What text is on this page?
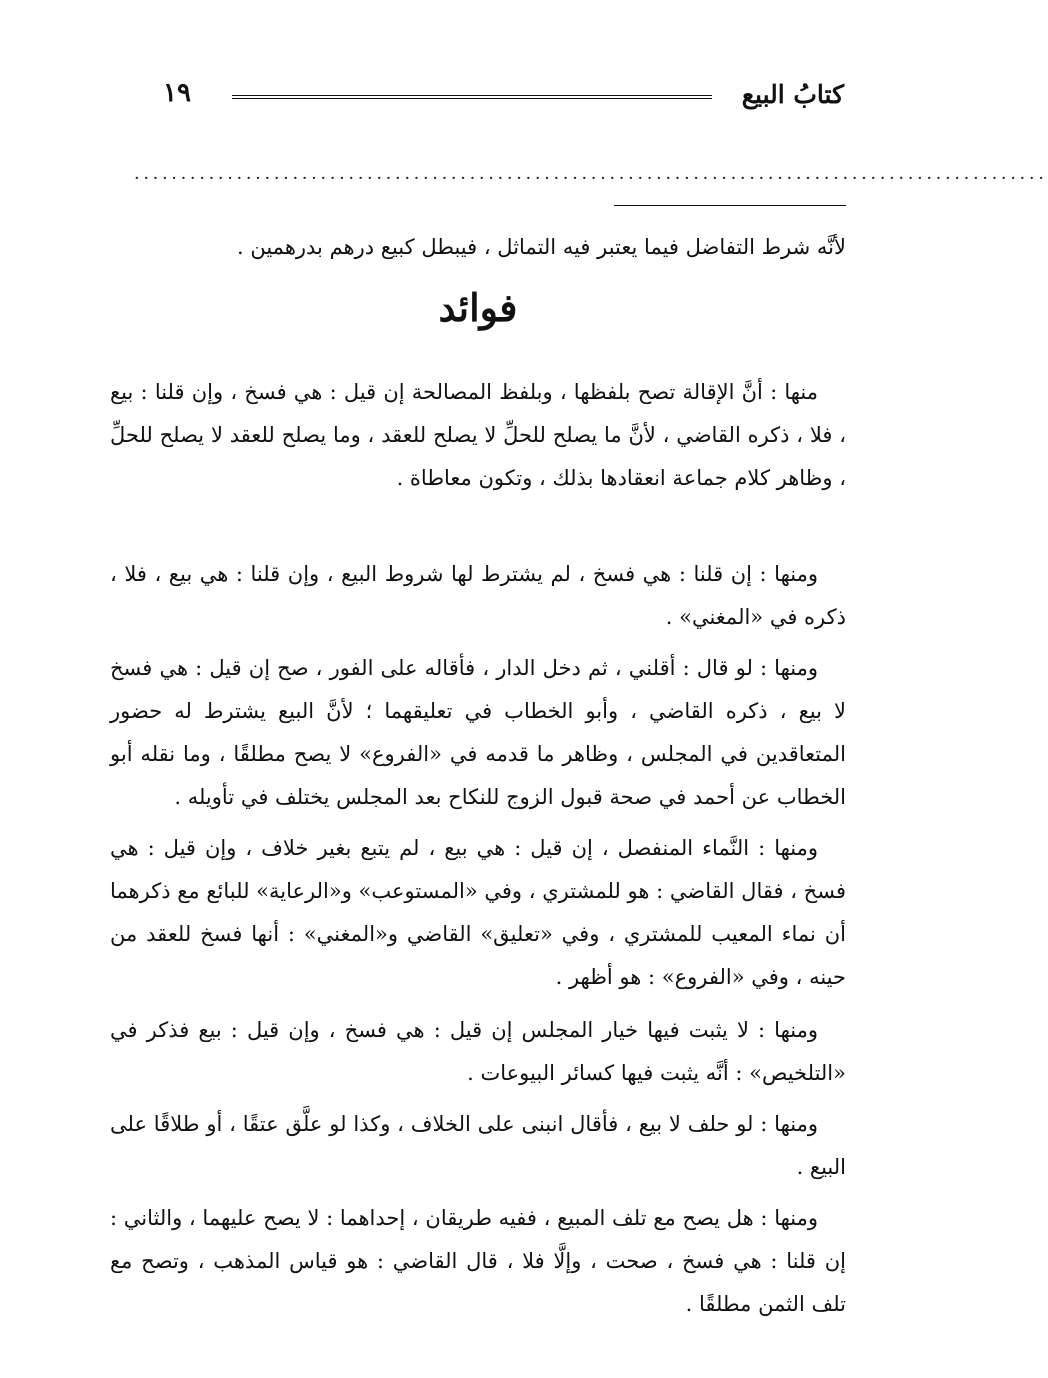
كتابُ البيع
١٩
··································································································
لأنَّه شرط التفاضل فيما يعتبر فيه التماثل ، فيبطل كبيع درهم بدرهمين .
فوائد

منها : أنَّ الإقالة تصح بلفظها ، وبلفظ المصالحة إن قيل : هي فسخ ، وإن قلنا : بيع ، فلا ، ذكره القاضي ، لأنَّ ما يصلح للحلِّ لا يصلح للعقد ، وما يصلح للعقد لا يصلح للحلِّ ، وظاهر كلام جماعة انعقادها بذلك ، وتكون معاطاة .

ومنها : إن قلنا : هي فسخ ، لم يشترط لها شروط البيع ، وإن قلنا : هي بيع ، فلا ، ذكره في «المغني» .

ومنها : لو قال : أقلني ، ثم دخل الدار ، فأقاله على الفور ، صح إن قيل : هي فسخ لا بيع ، ذكره القاضي ، وأبو الخطاب في تعليقهما ؛ لأنَّ البيع يشترط له حضور المتعاقدين في المجلس ، وظاهر ما قدمه في «الفروع» لا يصح مطلقًا ، وما نقله أبو الخطاب عن أحمد في صحة قبول الزوج للنكاح بعد المجلس يختلف في تأويله .

ومنها : النَّماء المنفصل ، إن قيل : هي بيع ، لم يتبع بغير خلاف ، وإن قيل : هي فسخ ، فقال القاضي : هو للمشتري ، وفي «المستوعب» و«الرعاية» للبائع مع ذكرهما أن نماء المعيب للمشتري ، وفي «تعليق» القاضي و«المغني» : أنها فسخ للعقد من حينه ، وفي «الفروع» : هو أظهر .

ومنها : لا يثبت فيها خيار المجلس إن قيل : هي فسخ ، وإن قيل : بيع فذكر في «التلخيص» : أنَّه يثبت فيها كسائر البيوعات .

ومنها : لو حلف لا بيع ، فأقال انبنى على الخلاف ، وكذا لو علَّق عتقًا ، أو طلاقًا على البيع .

ومنها : هل يصح مع تلف المبيع ، ففيه طريقان ، إحداهما : لا يصح عليهما ، والثاني : إن قلنا : هي فسخ ، صحت ، وإلَّا فلا ، قال القاضي : هو قياس المذهب ، وتصح مع تلف الثمن مطلقًا .
